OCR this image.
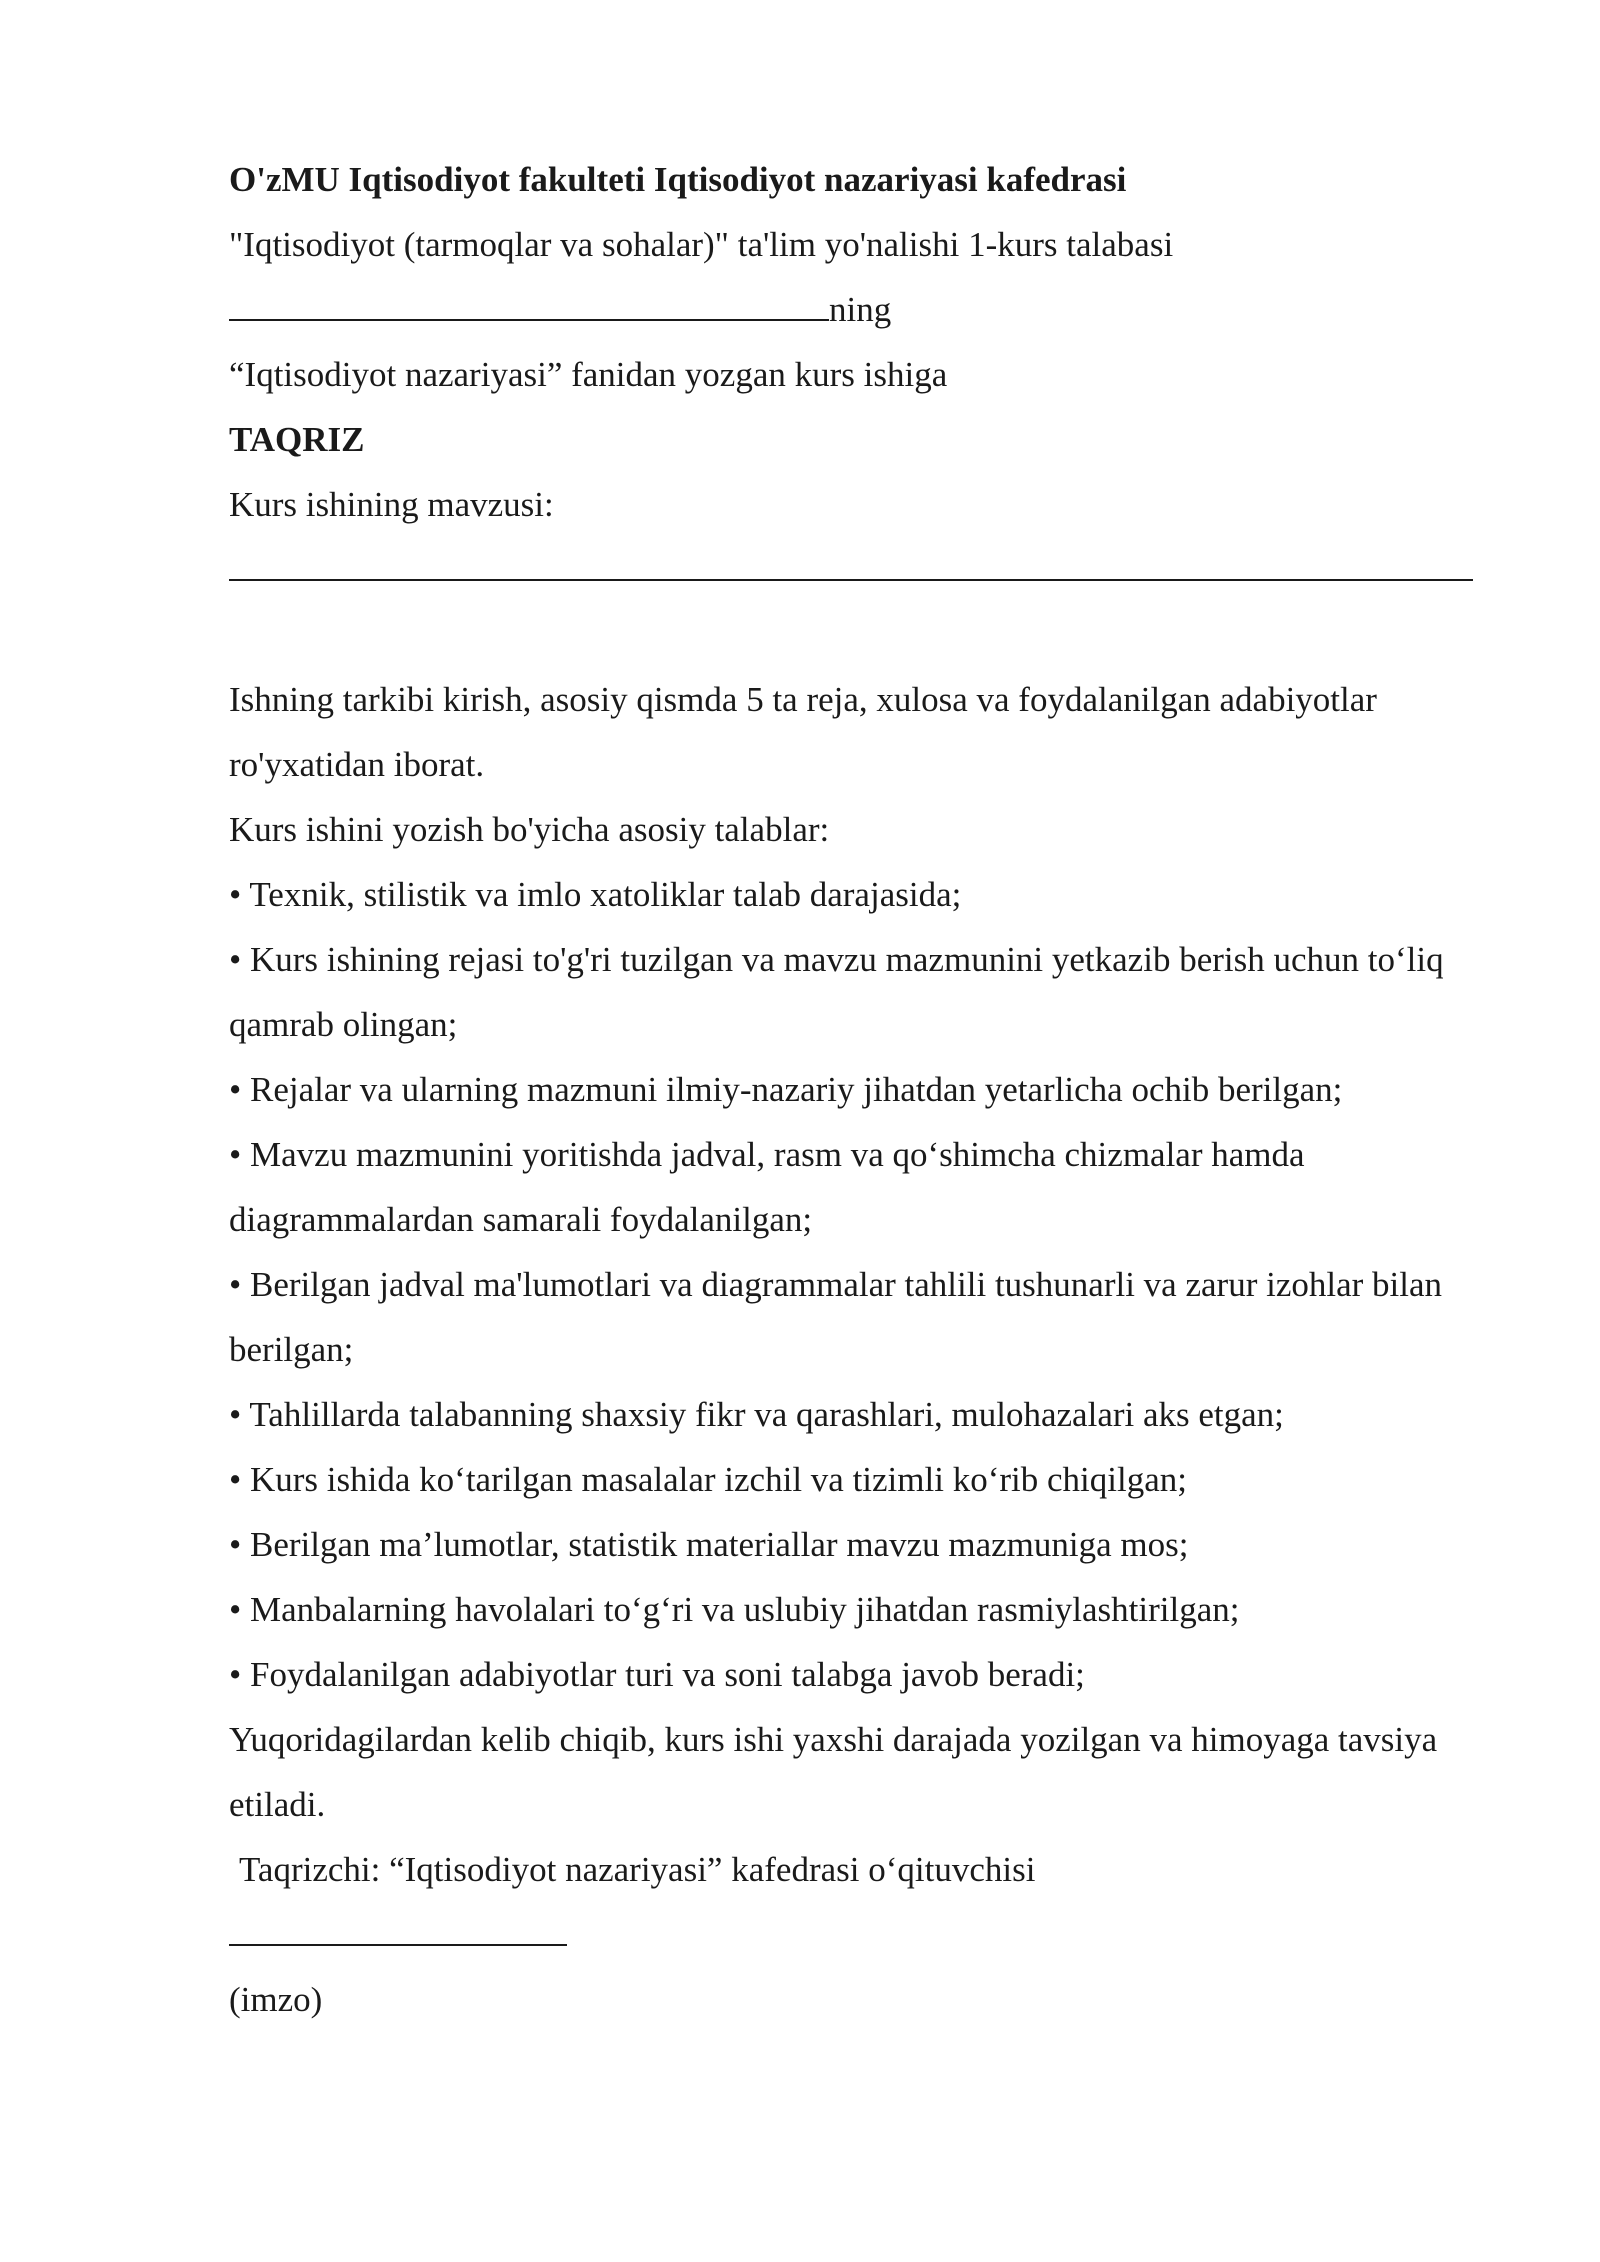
O'zMU Iqtisodiyot fakulteti Iqtisodiyot nazariyasi kafedrasi
"Iqtisodiyot (tarmoqlar va sohalar)" ta'lim yo'nalishi 1-kurs talabasi
ning
“Iqtisodiyot nazariyasi” fanidan yozgan kurs ishiga
TAQRIZ
Kurs ishining mavzusi:
Ishning tarkibi kirish, asosiy qismda 5 ta reja, xulosa va foydalanilgan adabiyotlar ro'yxatidan iborat.
Kurs ishini yozish bo'yicha asosiy talablar:
• Texnik, stilistik va imlo xatoliklar talab darajasida;
• Kurs ishining rejasi to'g'ri tuzilgan va mavzu mazmunini yetkazib berish uchun to‘liq qamrab olingan;
• Rejalar va ularning mazmuni ilmiy-nazariy jihatdan yetarlicha ochib berilgan;
• Mavzu mazmunini yoritishda jadval, rasm va qo‘shimcha chizmalar hamda diagrammalardan samarali foydalanilgan;
• Berilgan jadval ma'lumotlari va diagrammalar tahlili tushunarli va zarur izohlar bilan berilgan;
• Tahlillarda talabanning shaxsiy fikr va qarashlari, mulohazalari aks etgan;
• Kurs ishida ko‘tarilgan masalalar izchil va tizimli ko‘rib chiqilgan;
• Berilgan ma’lumotlar, statistik materiallar mavzu mazmuniga mos;
• Manbalarning havolalari to‘g‘ri va uslubiy jihatdan rasmiylashtirilgan;
• Foydalanilgan adabiyotlar turi va soni talabga javob beradi;
Yuqoridagilardan kelib chiqib, kurs ishi yaxshi darajada yozilgan va himoyaga tavsiya etiladi.
Taqrizchi: “Iqtisodiyot nazariyasi” kafedrasi o‘qituvchisi
(imzo)
